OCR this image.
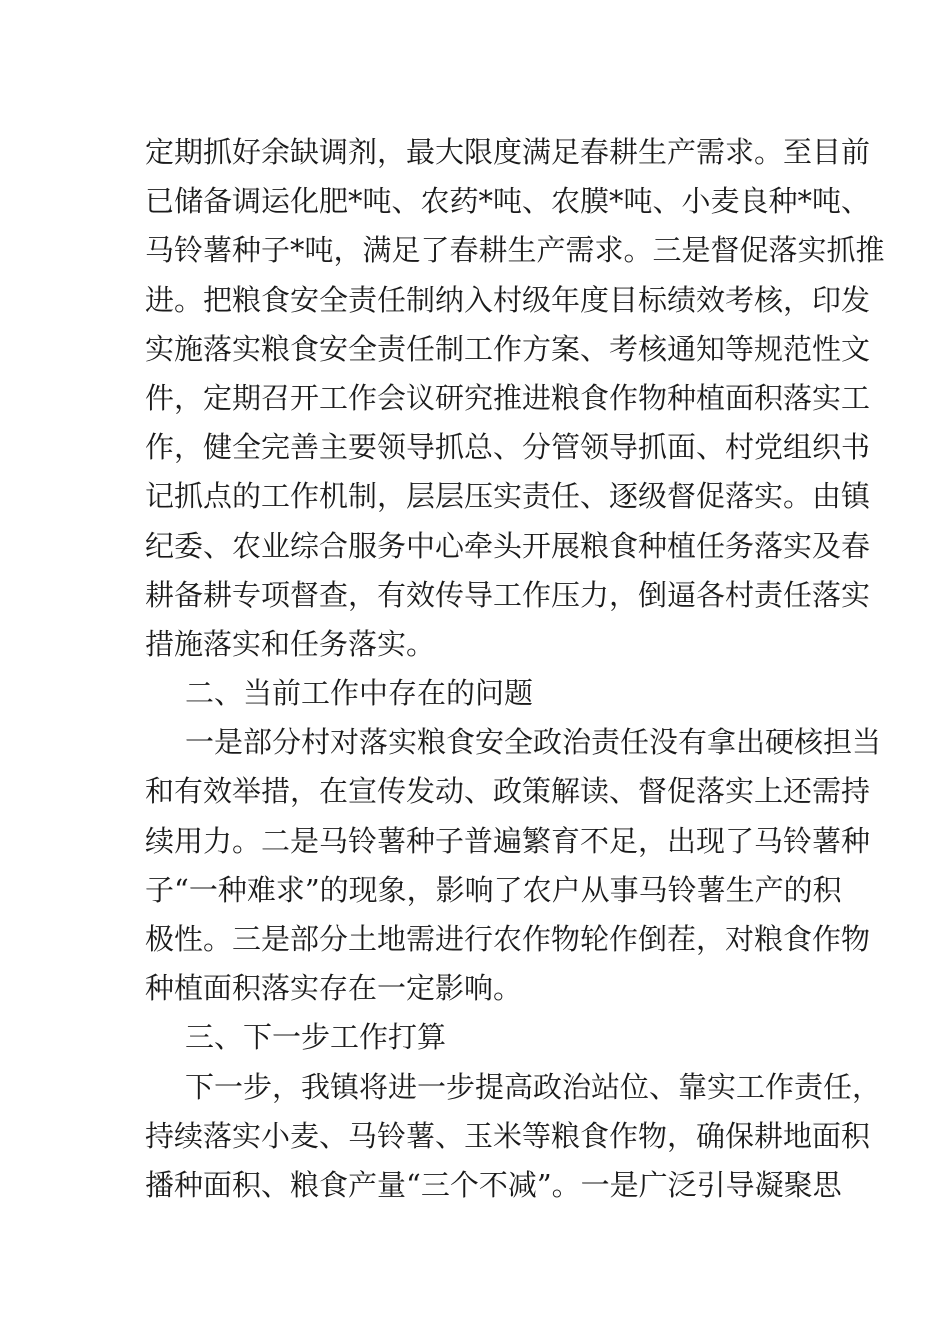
定期抓好余缺调剂，最大限度满足春耕生产需求。至目前
已储备调运化肥*吨、农药*吨、农膜*吨、小麦良种*吨、
马铃薯种子*吨，满足了春耕生产需求。三是督促落实抓推
进。把粮食安全责任制纳入村级年度目标绩效考核，印发
实施落实粮食安全责任制工作方案、考核通知等规范性文
件，定期召开工作会议研究推进粮食作物种植面积落实工
作，健全完善主要领导抓总、分管领导抓面、村党组织书
记抓点的工作机制，层层压实责任、逐级督促落实。由镇
纪委、农业综合服务中心牵头开展粮食种植任务落实及春
耕备耕专项督查，有效传导工作压力，倒逼各村责任落实
措施落实和任务落实。
二、当前工作中存在的问题
一是部分村对落实粮食安全政治责任没有拿出硬核担当
和有效举措，在宣传发动、政策解读、督促落实上还需持
续用力。二是马铃薯种子普遍繁育不足，出现了马铃薯种
子“一种难求”的现象，影响了农户从事马铃薯生产的积
极性。三是部分土地需进行农作物轮作倒茬，对粮食作物
种植面积落实存在一定影响。
三、下一步工作打算
下一步，我镇将进一步提高政治站位、靠实工作责任，
持续落实小麦、马铃薯、玉米等粮食作物，确保耕地面积
播种面积、粮食产量“三个不减”。一是广泛引导凝聚思
